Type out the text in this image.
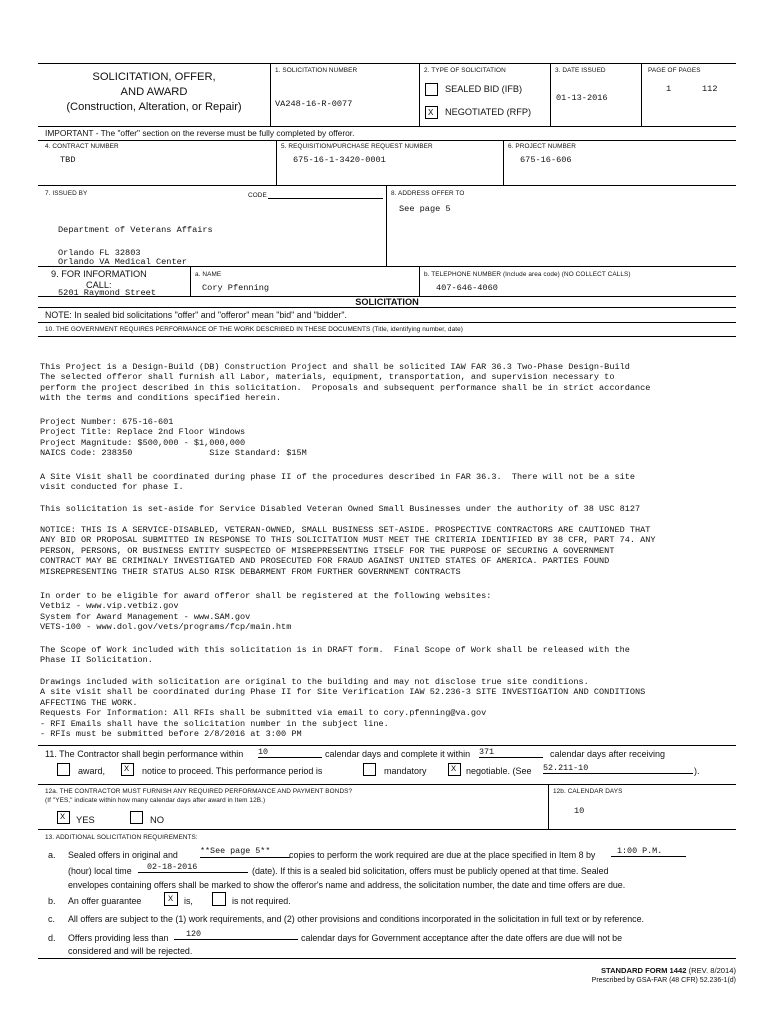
SOLICITATION, OFFER,
AND AWARD
(Construction, Alteration, or Repair)
1. SOLICITATION NUMBER
VA248-16-R-0077
2. TYPE OF SOLICITATION
SEALED BID (IFB)
X NEGOTIATED (RFP)
3. DATE ISSUED
01-13-2016
PAGE OF PAGES
1	112
IMPORTANT - The "offer" section on the reverse must be fully completed by offeror.
4. CONTRACT NUMBER
TBD
5. REQUISITION/PURCHASE REQUEST NUMBER
675-16-1-3420-0001
6. PROJECT NUMBER
675-16-606
7. ISSUED BY	CODE

Department of Veterans Affairs

Orlando VA Medical Center

5201 Raymond Street

Orlando FL 32803
8. ADDRESS OFFER TO
See page 5
9. FOR INFORMATION
CALL:
a. NAME
Cory Pfenning
b. TELEPHONE NUMBER (Include area code) (NO COLLECT CALLS)
407-646-4060
SOLICITATION
NOTE: In sealed bid solicitations "offer" and "offeror" mean "bid" and "bidder".
10. THE GOVERNMENT REQUIRES PERFORMANCE OF THE WORK DESCRIBED IN THESE DOCUMENTS (Title, identifying number, date)
This Project is a Design-Build (DB) Construction Project and shall be solicited IAW FAR 36.3 Two-Phase Design-Build
The selected offeror shall furnish all Labor, materials, equipment, transportation, and supervision necessary to
perform the project described in this solicitation.  Proposals and subsequent performance shall be in strict accordance
with the terms and conditions specified herein.
Project Number: 675-16-601
Project Title: Replace 2nd Floor Windows
Project Magnitude: $500,000 - $1,000,000
NAICS Code: 238350               Size Standard: $15M
A Site Visit shall be coordinated during phase II of the procedures described in FAR 36.3.  There will not be a site
visit conducted for phase I.
This solicitation is set-aside for Service Disabled Veteran Owned Small Businesses under the authority of 38 USC 8127
NOTICE: THIS IS A SERVICE-DISABLED, VETERAN-OWNED, SMALL BUSINESS SET-ASIDE. PROSPECTIVE CONTRACTORS ARE CAUTIONED THAT
ANY BID OR PROPOSAL SUBMITTED IN RESPONSE TO THIS SOLICITATION MUST MEET THE CRITERIA IDENTIFIED BY 38 CFR, PART 74. ANY
PERSON, PERSONS, OR BUSINESS ENTITY SUSPECTED OF MISREPRESENTING ITSELF FOR THE PURPOSE OF SECURING A GOVERNMENT
CONTRACT MAY BE CRIMINALY INVESTIGATED AND PROSECUTED FOR FRAUD AGAINST UNITED STATES OF AMERICA. PARTIES FOUND
MISREPRESENTING THEIR STATUS ALSO RISK DEBARMENT FROM FURTHER GOVERNMENT CONTRACTS
In order to be eligible for award offeror shall be registered at the following websites:
Vetbiz - www.vip.vetbiz.gov
System for Award Management - www.SAM.gov
VETS-100 - www.dol.gov/vets/programs/fcp/main.htm
The Scope of Work included with this solicitation is in DRAFT form.  Final Scope of Work shall be released with the
Phase II Solicitation.
Drawings included with solicitation are original to the building and may not disclose true site conditions.
A site visit shall be coordinated during Phase II for Site Verification IAW 52.236-3 SITE INVESTIGATION AND CONDITIONS
AFFECTING THE WORK.
Requests For Information: All RFIs shall be submitted via email to cory.pfenning@va.gov
- RFI Emails shall have the solicitation number in the subject line.
- RFIs must be submitted before 2/8/2016 at 3:00 PM
11. The Contractor shall begin performance within 10	calendar days and complete it within 371	calendar days after receiving
award, X notice to proceed. This performance period is	mandatory	X negotiable. (See 52.211-10	).
12a. THE CONTRACTOR MUST FURNISH ANY REQUIRED PERFORMANCE AND PAYMENT BONDS?
(If "YES," indicate within how many calendar days after award in Item 12B.)
X YES	NO
12b. CALENDAR DAYS
10
13. ADDITIONAL SOLICITATION REQUIREMENTS:
a. Sealed offers in original and	**See page 5**	copies to perform the work required are due at the place specified in Item 8 by	1:00 P.M.
(hour) local time	02-18-2016	(date). If this is a sealed bid solicitation, offers must be publicly opened at that time. Sealed
envelopes containing offers shall be marked to show the offeror's name and address, the solicitation number, the date and time offers are due.
b. An offer guarantee	X is,	is not required.
c. All offers are subject to the (1) work requirements, and (2) other provisions and conditions incorporated in the solicitation in full text or by reference.
d. Offers providing less than	120	calendar days for Government acceptance after the date offers are due will not be
considered and will be rejected.
STANDARD FORM 1442 (REV. 8/2014)
Prescribed by GSA-FAR (48 CFR) 52.236-1(d)
